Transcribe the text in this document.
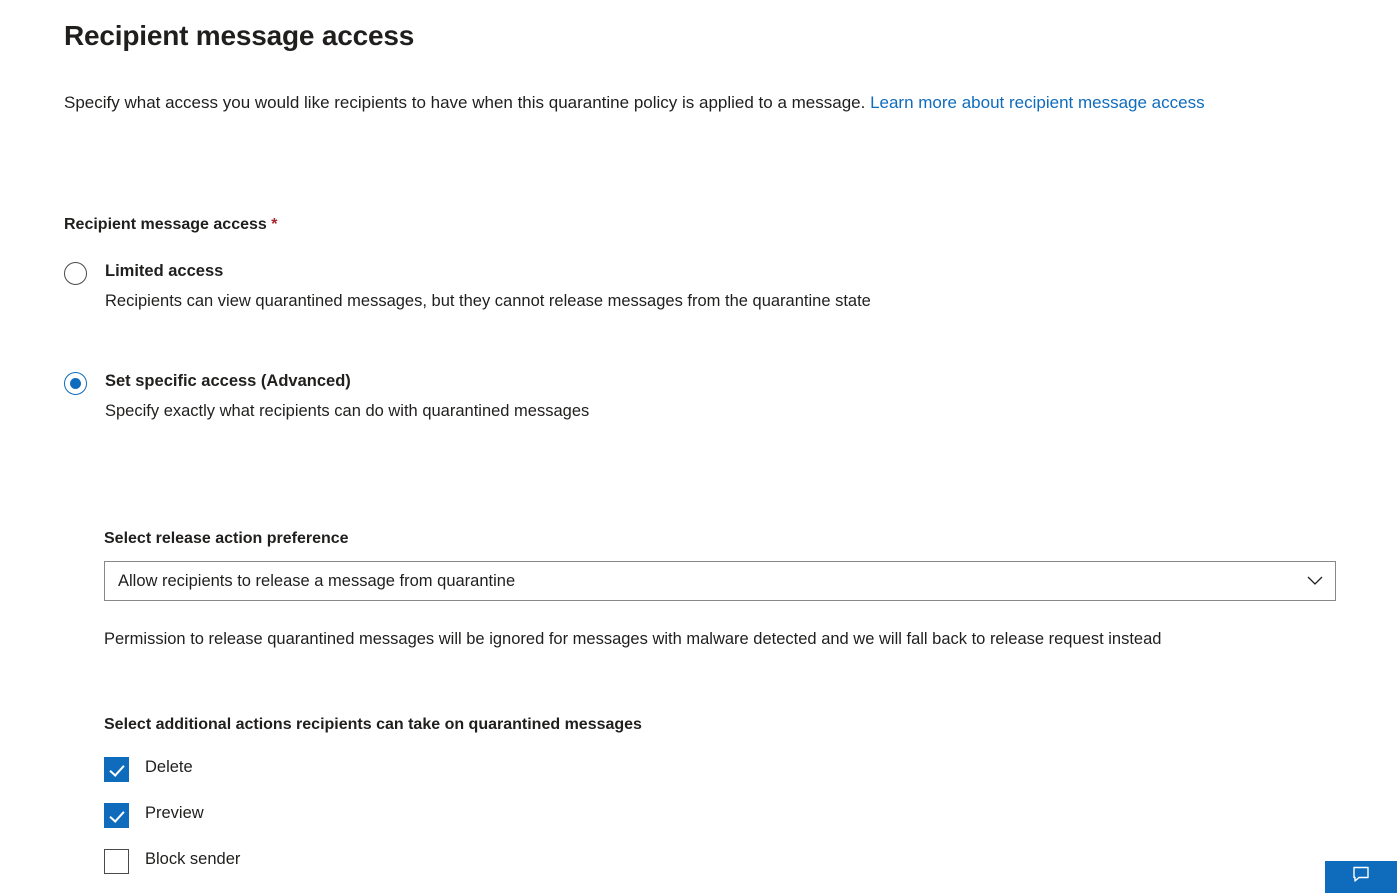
Recipient message access
Specify what access you would like recipients to have when this quarantine policy is applied to a message. Learn more about recipient message access
Recipient message access *
Limited access
Recipients can view quarantined messages, but they cannot release messages from the quarantine state
Set specific access (Advanced)
Specify exactly what recipients can do with quarantined messages
Select release action preference
Allow recipients to release a message from quarantine
Permission to release quarantined messages will be ignored for messages with malware detected and we will fall back to release request instead
Select additional actions recipients can take on quarantined messages
Delete
Preview
Block sender
